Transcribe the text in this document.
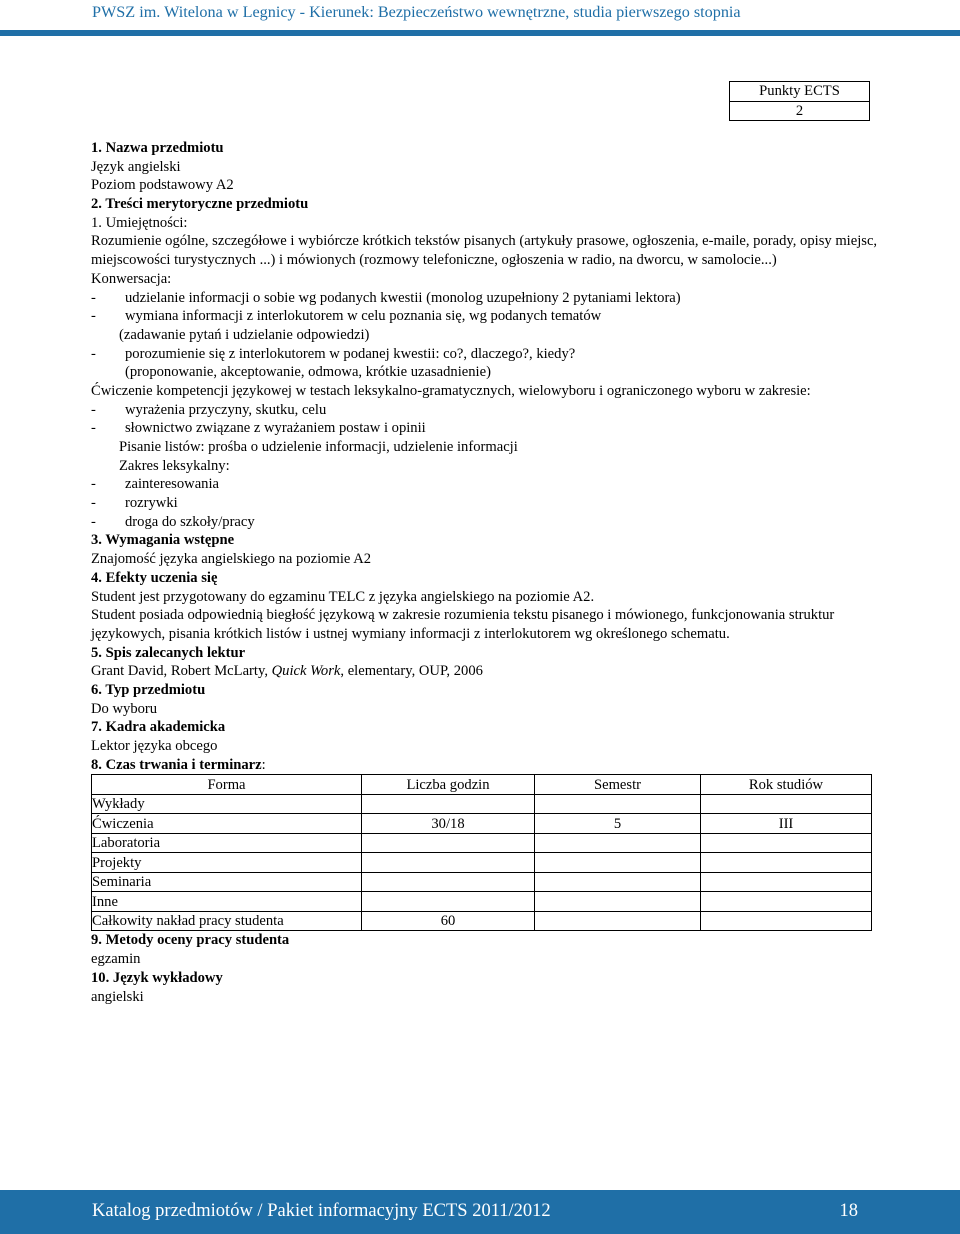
PWSZ im. Witelona w Legnicy - Kierunek: Bezpieczeństwo wewnętrzne, studia pierwszego stopnia
Punkty ECTS
2
1. Nazwa przedmiotu
Język angielski
Poziom podstawowy A2
2. Treści merytoryczne przedmiotu
1. Umiejętności:
Rozumienie ogólne, szczegółowe i wybiórcze krótkich tekstów pisanych (artykuły prasowe, ogłoszenia, e-maile, porady, opisy miejsc, miejscowości turystycznych ...) i mówionych (rozmowy telefoniczne, ogłoszenia w radio, na dworcu, w samolocie...)
Konwersacja:
- udzielanie informacji o sobie wg podanych kwestii (monolog uzupełniony 2 pytaniami lektora)
- wymiana informacji z interlokutorem w celu poznania się, wg podanych tematów
(zadawanie pytań i udzielanie odpowiedzi)
- porozumienie się z interlokutorem w podanej kwestii: co?, dlaczego?, kiedy?
(proponowanie, akceptowanie, odmowa, krótkie uzasadnienie)
Ćwiczenie kompetencji językowej w testach leksykalno-gramatycznych, wielowyboru i ograniczonego wyboru w zakresie:
- wyrażenia przyczyny, skutku, celu
- słownictwo związane z wyrażaniem postaw i opinii
Pisanie listów: prośba o udzielenie informacji, udzielenie informacji
Zakres leksykalny:
- zainteresowania
- rozrywki
- droga do szkoły/pracy
3. Wymagania wstępne
Znajomość języka angielskiego na poziomie A2
4. Efekty uczenia się
Student jest przygotowany do egzaminu TELC z języka angielskiego na poziomie A2.
Student posiada odpowiednią biegłość językową w zakresie rozumienia tekstu pisanego i mówionego, funkcjonowania struktur językowych, pisania krótkich listów i ustnej wymiany informacji z interlokutorem wg określonego schematu.
5. Spis zalecanych lektur
Grant David, Robert McLarty, Quick Work, elementary, OUP, 2006
6. Typ przedmiotu
Do wyboru
7. Kadra akademicka
Lektor języka obcego
8. Czas trwania i terminarz:
Forma	Liczba godzin	Semestr	Rok studiów
Wykłady			
Ćwiczenia	30/18	5	III
Laboratoria			
Projekty			
Seminaria			
Inne			
Całkowity nakład pracy studenta	60		
9. Metody oceny pracy studenta
egzamin
10. Język wykładowy
angielski
Katalog przedmiotów / Pakiet informacyjny ECTS 2011/2012	18
